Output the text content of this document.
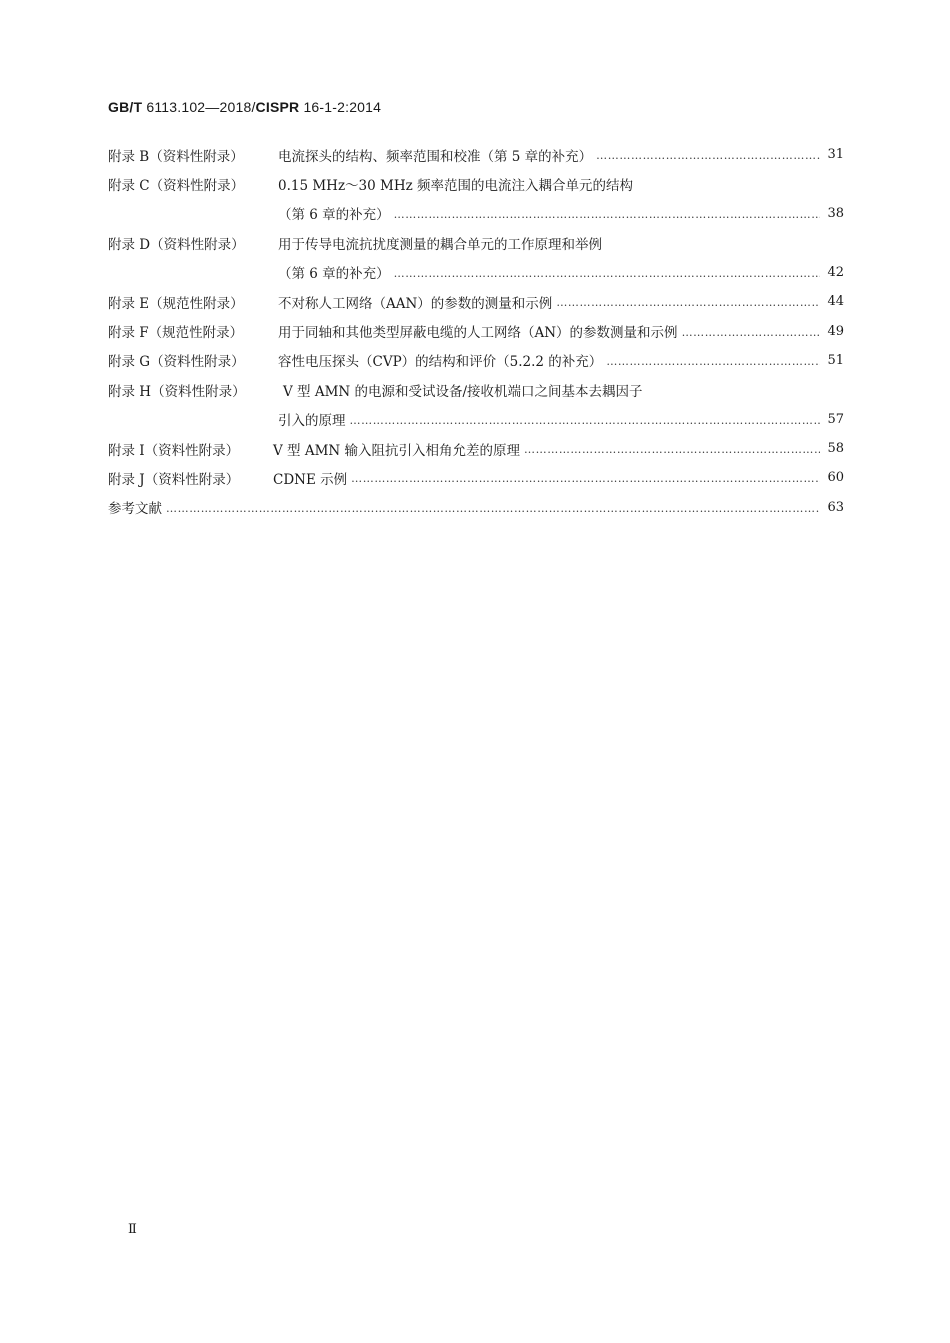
GB/T 6113.102—2018/CISPR 16-1-2:2014
附录 B（资料性附录）	电流探头的结构、频率范围和校准（第 5 章的补充） …………………………………………………………………………………………………………………………………………………………………………………………………………………	31
附录 C（资料性附录）	0.15 MHz～30 MHz 频率范围的电流注入耦合单元的结构
（第 6 章的补充） …………………………………………………………………………………………………………………………………………………………………………………………………………………	38
附录 D（资料性附录）	用于传导电流抗扰度测量的耦合单元的工作原理和举例
（第 6 章的补充） …………………………………………………………………………………………………………………………………………………………………………………………………………………	42
附录 E（规范性附录）	不对称人工网络（AAN）的参数的测量和示例 …………………………………………………………………………………………………………………………………………………………………………………………………………………	44
附录 F（规范性附录）	用于同轴和其他类型屏蔽电缆的人工网络（AN）的参数测量和示例 …………………………………………………………………………………………………………………………………………………………………………………………………………………	49
附录 G（资料性附录）	容性电压探头（CVP）的结构和评价（5.2.2 的补充） …………………………………………………………………………………………………………………………………………………………………………………………………………………	51
附录 H（资料性附录）	V 型 AMN 的电源和受试设备/接收机端口之间基本去耦因子
引入的原理 …………………………………………………………………………………………………………………………………………………………………………………………………………………	57
附录 I（资料性附录）	V 型 AMN 输入阻抗引入相角允差的原理 …………………………………………………………………………………………………………………………………………………………………………………………………………………	58
附录 J（资料性附录）	CDNE 示例 …………………………………………………………………………………………………………………………………………………………………………………………………………………	60
参考文献 …………………………………………………………………………………………………………………………………………………………………………………………………………………	63
Ⅱ
